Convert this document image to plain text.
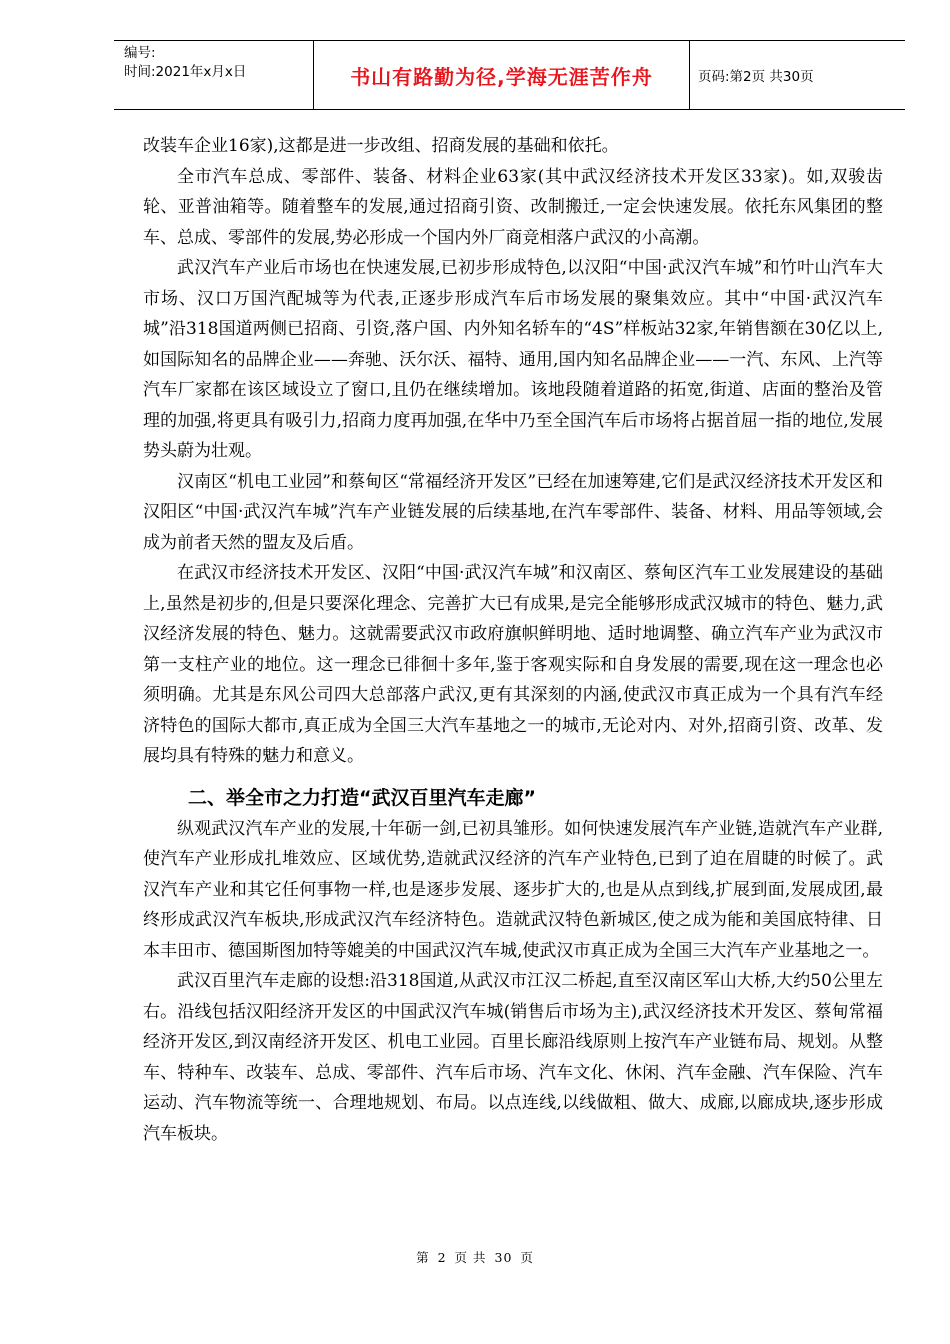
编号:
时间:2021年x月x日	书山有路勤为径,学海无涯苦作舟	页码:第2页 共30页

改装车企业16家),这都是进一步改组、招商发展的基础和依托。

全市汽车总成、零部件、装备、材料企业63家(其中武汉经济技术开发区33家)。如,双骏齿轮、亚普油箱等。随着整车的发展,通过招商引资、改制搬迁,一定会快速发展。依托东风集团的整车、总成、零部件的发展,势必形成一个国内外厂商竞相落户武汉的小高潮。

武汉汽车产业后市场也在快速发展,已初步形成特色,以汉阳“中国·武汉汽车城”和竹叶山汽车大市场、汉口万国汽配城等为代表,正逐步形成汽车后市场发展的聚集效应。其中“中国·武汉汽车城”沿318国道两侧已招商、引资,落户国、内外知名轿车的“4S”样板站32家,年销售额在30亿以上,如国际知名的品牌企业——奔驰、沃尔沃、福特、通用,国内知名品牌企业——一汽、东风、上汽等汽车厂家都在该区域设立了窗口,且仍在继续增加。该地段随着道路的拓宽,街道、店面的整治及管理的加强,将更具有吸引力,招商力度再加强,在华中乃至全国汽车后市场将占据首屈一指的地位,发展势头蔚为壮观。

汉南区“机电工业园”和蔡甸区“常福经济开发区”已经在加速筹建,它们是武汉经济技术开发区和汉阳区“中国·武汉汽车城”汽车产业链发展的后续基地,在汽车零部件、装备、材料、用品等领域,会成为前者天然的盟友及后盾。

在武汉市经济技术开发区、汉阳“中国·武汉汽车城”和汉南区、蔡甸区汽车工业发展建设的基础上,虽然是初步的,但是只要深化理念、完善扩大已有成果,是完全能够形成武汉城市的特色、魅力,武汉经济发展的特色、魅力。这就需要武汉市政府旗帜鲜明地、适时地调整、确立汽车产业为武汉市第一支柱产业的地位。这一理念已徘徊十多年,鉴于客观实际和自身发展的需要,现在这一理念也必须明确。尤其是东风公司四大总部落户武汉,更有其深刻的内涵,使武汉市真正成为一个具有汽车经济特色的国际大都市,真正成为全国三大汽车基地之一的城市,无论对内、对外,招商引资、改革、发展均具有特殊的魅力和意义。

二、举全市之力打造“武汉百里汽车走廊”

纵观武汉汽车产业的发展,十年砺一剑,已初具雏形。如何快速发展汽车产业链,造就汽车产业群,使汽车产业形成扎堆效应、区域优势,造就武汉经济的汽车产业特色,已到了迫在眉睫的时候了。武汉汽车产业和其它任何事物一样,也是逐步发展、逐步扩大的,也是从点到线,扩展到面,发展成团,最终形成武汉汽车板块,形成武汉汽车经济特色。造就武汉特色新城区,使之成为能和美国底特律、日本丰田市、德国斯图加特等媲美的中国武汉汽车城,使武汉市真正成为全国三大汽车产业基地之一。

武汉百里汽车走廊的设想:沿318国道,从武汉市江汉二桥起,直至汉南区军山大桥,大约50公里左右。沿线包括汉阳经济开发区的中国武汉汽车城(销售后市场为主),武汉经济技术开发区、蔡甸常福经济开发区,到汉南经济开发区、机电工业园。百里长廊沿线原则上按汽车产业链布局、规划。从整车、特种车、改装车、总成、零部件、汽车后市场、汽车文化、休闲、汽车金融、汽车保险、汽车运动、汽车物流等统一、合理地规划、布局。以点连线,以线做粗、做大、成廊,以廊成块,逐步形成汽车板块。

第 2 页 共 30 页
